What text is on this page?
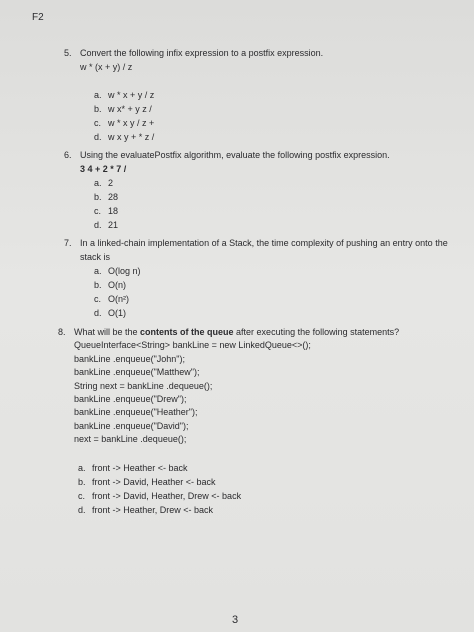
F2
5. Convert the following infix expression to a postfix expression.
w * (x + y) / z
a. w * x + y / z
b. w x* + y z /
c. w * x y / z +
d. w x y + * z /
6. Using the evaluatePostfix algorithm, evaluate the following postfix expression.
3 4 + 2 * 7 /
a. 2
b. 28
c. 18
d. 21
7. In a linked-chain implementation of a Stack, the time complexity of pushing an entry onto the
stack is
a. O(log n)
b. O(n)
c. O(n²)
d. O(1)
8. What will be the contents of the queue after executing the following statements?
QueueInterface<String> bankLine = new LinkedQueue<>();
bankLine .enqueue("John");
bankLine .enqueue("Matthew");
String next = bankLine .dequeue();
bankLine .enqueue("Drew");
bankLine .enqueue("Heather");
bankLine .enqueue("David");
next = bankLine .dequeue();
a. front -> Heather <- back
b. front -> David, Heather <- back
c. front -> David, Heather, Drew <- back
d. front -> Heather, Drew <- back
3
